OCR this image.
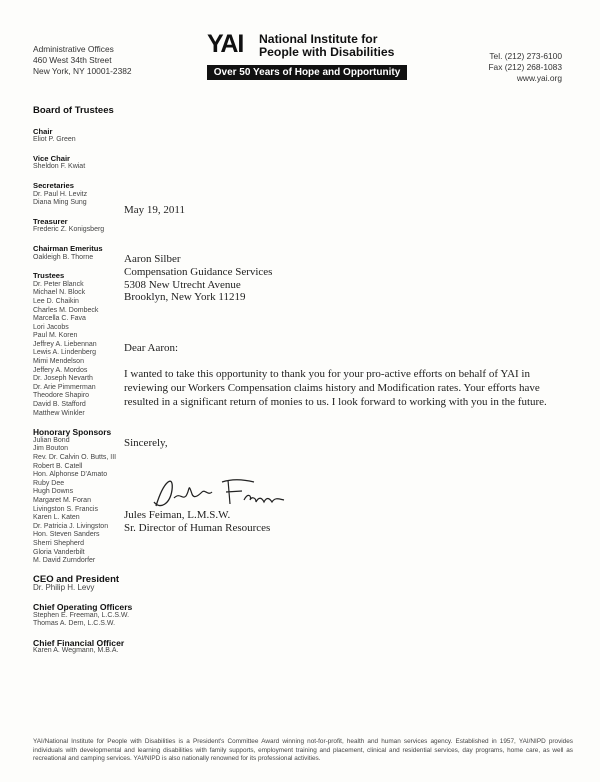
Administrative Offices
460 West 34th Street
New York, NY 10001-2382
YAI National Institute for
People with Disabilities
Over 50 Years of Hope and Opportunity
Tel. (212) 273-6100
Fax (212) 268-1083
www.yai.org
Board of Trustees
Chair
Eliot P. Green
Vice Chair
Sheldon F. Kwiat
Secretaries
Dr. Paul H. Levitz
Diana Ming Sung
Treasurer
Frederic Z. Konigsberg
Chairman Emeritus
Oakleigh B. Thorne
Trustees
Dr. Peter Blanck
Michael N. Block
Lee D. Chaikin
Charles M. Dombeck
Marcella C. Fava
Lori Jacobs
Paul M. Koren
Jeffrey A. Liebennan
Lewis A. Lindenberg
Mimi Mendelson
Jeffery A. Mordos
Dr. Joseph Nevarth
Dr. Arie Pimmerman
Theodore Shapiro
David B. Stafford
Matthew Winkler
Honorary Sponsors
Julian Bond
Jim Bouton
Rev. Dr. Calvin O. Butts, III
Robert B. Catell
Hon. Alphonse D'Amato
Ruby Dee
Hugh Downs
Margaret M. Foran
Livingston S. Francis
Karen L. Katen
Dr. Patricia J. Livingston
Hon. Steven Sanders
Sherri Shepherd
Gloria Vanderbilt
M. David Zurndorfer
CEO and President
Dr. Philip H. Levy
Chief Operating Officers
Stephen E. Freeman, L.C.S.W.
Thomas A. Dern, L.C.S.W.
Chief Financial Officer
Karen A. Wegmann, M.B.A.
May 19, 2011
Aaron Silber
Compensation Guidance Services
5308 New Utrecht Avenue
Brooklyn, New York 11219
Dear Aaron:
I wanted to take this opportunity to thank you for your pro-active efforts on behalf of YAI in reviewing our Workers Compensation claims history and Modification rates. Your efforts have resulted in a significant return of monies to us. I look forward to working with you in the future.
Sincerely,
Jules Feiman, L.M.S.W.
Sr. Director of Human Resources
YAI/National Institute for People with Disabilities is a President's Committee Award winning not-for-profit, health and human services agency. Established in 1957, YAI/NIPD provides individuals with developmental and learning disabilities with family supports, employment training and placement, clinical and residential services, day programs, home care, as well as recreational and camping services. YAI/NIPD is also nationally renowned for its professional activities.
